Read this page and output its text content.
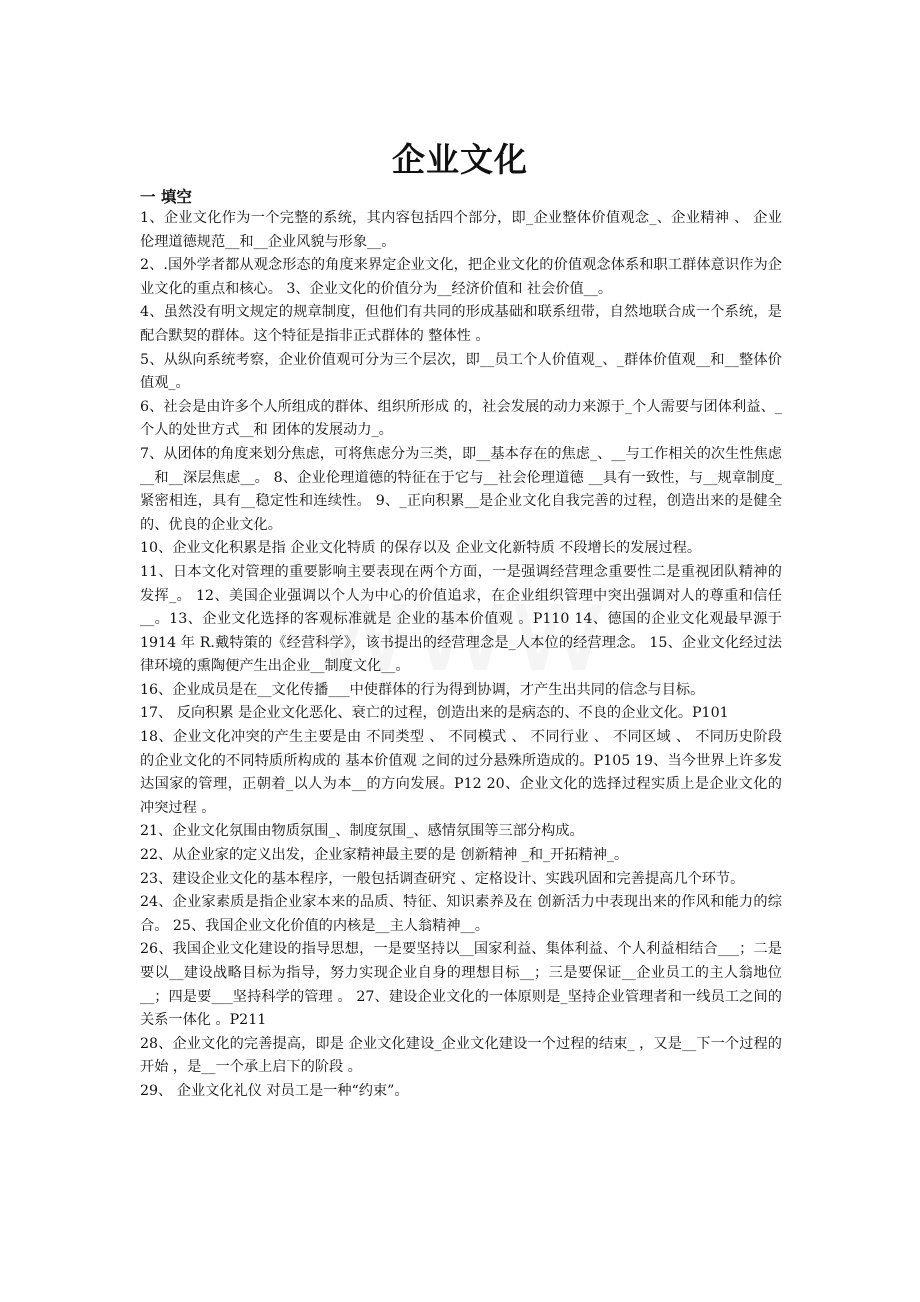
企业文化
一 填空

1、企业文化作为一个完整的系统，其内容包括四个部分，即_企业整体价值观念_、企业精神 、 企业伦理道德规范__和__企业风貌与形象__。

2、.国外学者都从观念形态的角度来界定企业文化，把企业文化的价值观念体系和职工群体意识作为企业文化的重点和核心。 3、企业文化的价值分为__经济价值和 社会价值__。

4、虽然没有明文规定的规章制度，但他们有共同的形成基础和联系纽带，自然地联合成一个系统，是配合默契的群体。这个特征是指非正式群体的 整体性 。

5、从纵向系统考察，企业价值观可分为三个层次，即__员工个人价值观_、_群体价值观__和__整体价值观_。

6、社会是由许多个人所组成的群体、组织所形成 的，社会发展的动力来源于_个人需要与团体利益、_个人的处世方式__和 团体的发展动力_。

7、从团体的角度来划分焦虑，可将焦虑分为三类，即__基本存在的焦虑_、__与工作相关的次生性焦虑__和__深层焦虑__。 8、企业伦理道德的特征在于它与__社会伦理道德 __具有一致性，与__规章制度_紧密相连，具有__稳定性和连续性。 9、_正向积累__是企业文化自我完善的过程，创造出来的是健全的、优良的企业文化。

10、企业文化积累是指 企业文化特质 的保存以及 企业文化新特质 不段增长的发展过程。

11、日本文化对管理的重要影响主要表现在两个方面，一是强调经营理念重要性二是重视团队精神的发挥_。 12、美国企业强调以个人为中心的价值追求，在企业组织管理中突出强调对人的尊重和信任__。13、企业文化选择的客观标准就是 企业的基本价值观 。P110 14、德国的企业文化观最早源于 1914 年 R.戴特策的《经营科学》，该书提出的经营理念是_人本位的经营理念。 15、企业文化经过法律环境的熏陶便产生出企业__制度文化__。

16、企业成员是在__文化传播___中使群体的行为得到协调，才产生出共同的信念与目标。

17、 反向积累 是企业文化恶化、衰亡的过程，创造出来的是病态的、不良的企业文化。P101

18、企业文化冲突的产生主要是由 不同类型 、 不同模式 、 不同行业 、 不同区域 、 不同历史阶段 的企业文化的不同特质所构成的 基本价值观 之间的过分悬殊所造成的。P105 19、当今世界上许多发达国家的管理，正朝着_以人为本__的方向发展。P12 20、企业文化的选择过程实质上是企业文化的 冲突过程 。

21、企业文化氛围由物质氛围_、制度氛围_、感情氛围等三部分构成。

22、从企业家的定义出发，企业家精神最主要的是 创新精神 _和_开拓精神_。

23、建设企业文化的基本程序，一般包括调查研究 、定格设计、实践巩固和完善提高几个环节。

24、企业家素质是指企业家本来的品质、特征、知识素养及在 创新活力中表现出来的作风和能力的综合。 25、我国企业文化价值的内核是__主人翁精神__。

26、我国企业文化建设的指导思想，一是要坚持以__国家利益、集体利益、个人利益相结合___；二是要以__建设战略目标为指导，努力实现企业自身的理想目标__；三是要保证__企业员工的主人翁地位__；四是要___坚持科学的管理 。 27、建设企业文化的一体原则是_坚持企业管理者和一线员工之间的关系一体化 。P211

28、企业文化的完善提高，即是 企业文化建设_企业文化建设一个过程的结束_ ，又是__下一个过程的开始 ，是__一个承上启下的阶段 。

29、 企业文化礼仪 对员工是一种“约束”。
